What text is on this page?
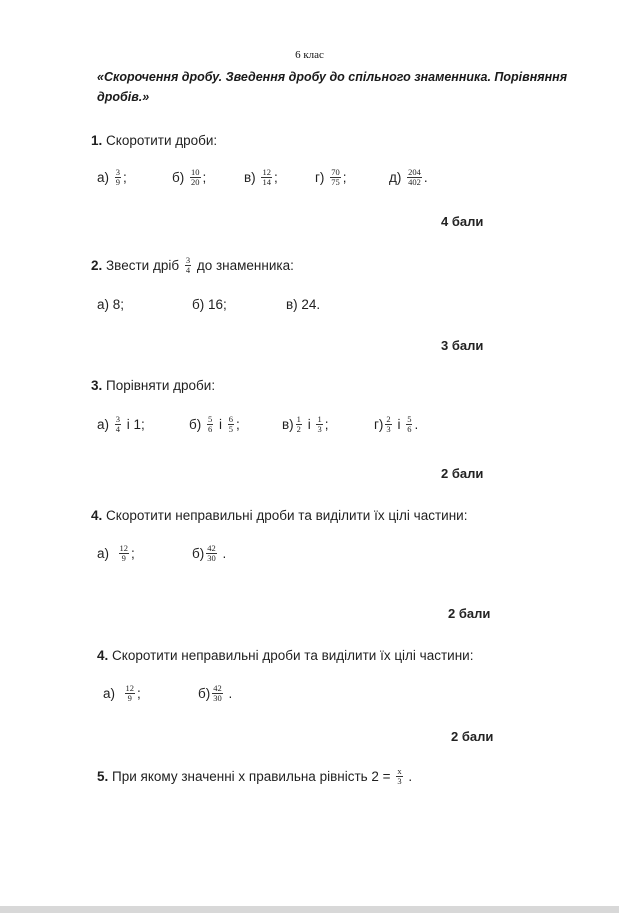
6 клас
«Скорочення дробу. Зведення дробу до спільного знаменника. Порівняння
дробів.»
1. Скоротити дроби:
а)
$\frac{3}{9}$ ;	б)
$\frac{10}{20}$ ;	в)
$\frac{12}{14}$ ;	г)
$\frac{70}{75}$ ;	д)
$\frac{204}{402}$ .
4 бали
2.
Звести дріб
$\frac{3}{4}$
до знаменника:
а) 8;	б) 16;	в) 24.
3 бали
3. Порівняти дроби:
а)
$\frac{3}{4}$
і 1;	б)
$\frac{5}{6}$
і
$\frac{6}{5}$ ;	$в) \frac{1}{2}$
і
$\frac{1}{3}$ ;	$г) \frac{2}{3}$
і
$\frac{5}{6}$ .
2 бали
4. Скоротити неправильні дроби та виділити їх цілі частини:
а)
$\frac{12}{9}$ ;	$б) \frac{42}{30}$
.
2 бали
4. Скоротити неправильні дроби та виділити їх цілі частини:
а)
$\frac{12}{9}$ ;	$б) \frac{42}{30}$
.
2 бали
5.
При якому значенні х правильна рівність 2 =
$\frac{x}{3}$
.
